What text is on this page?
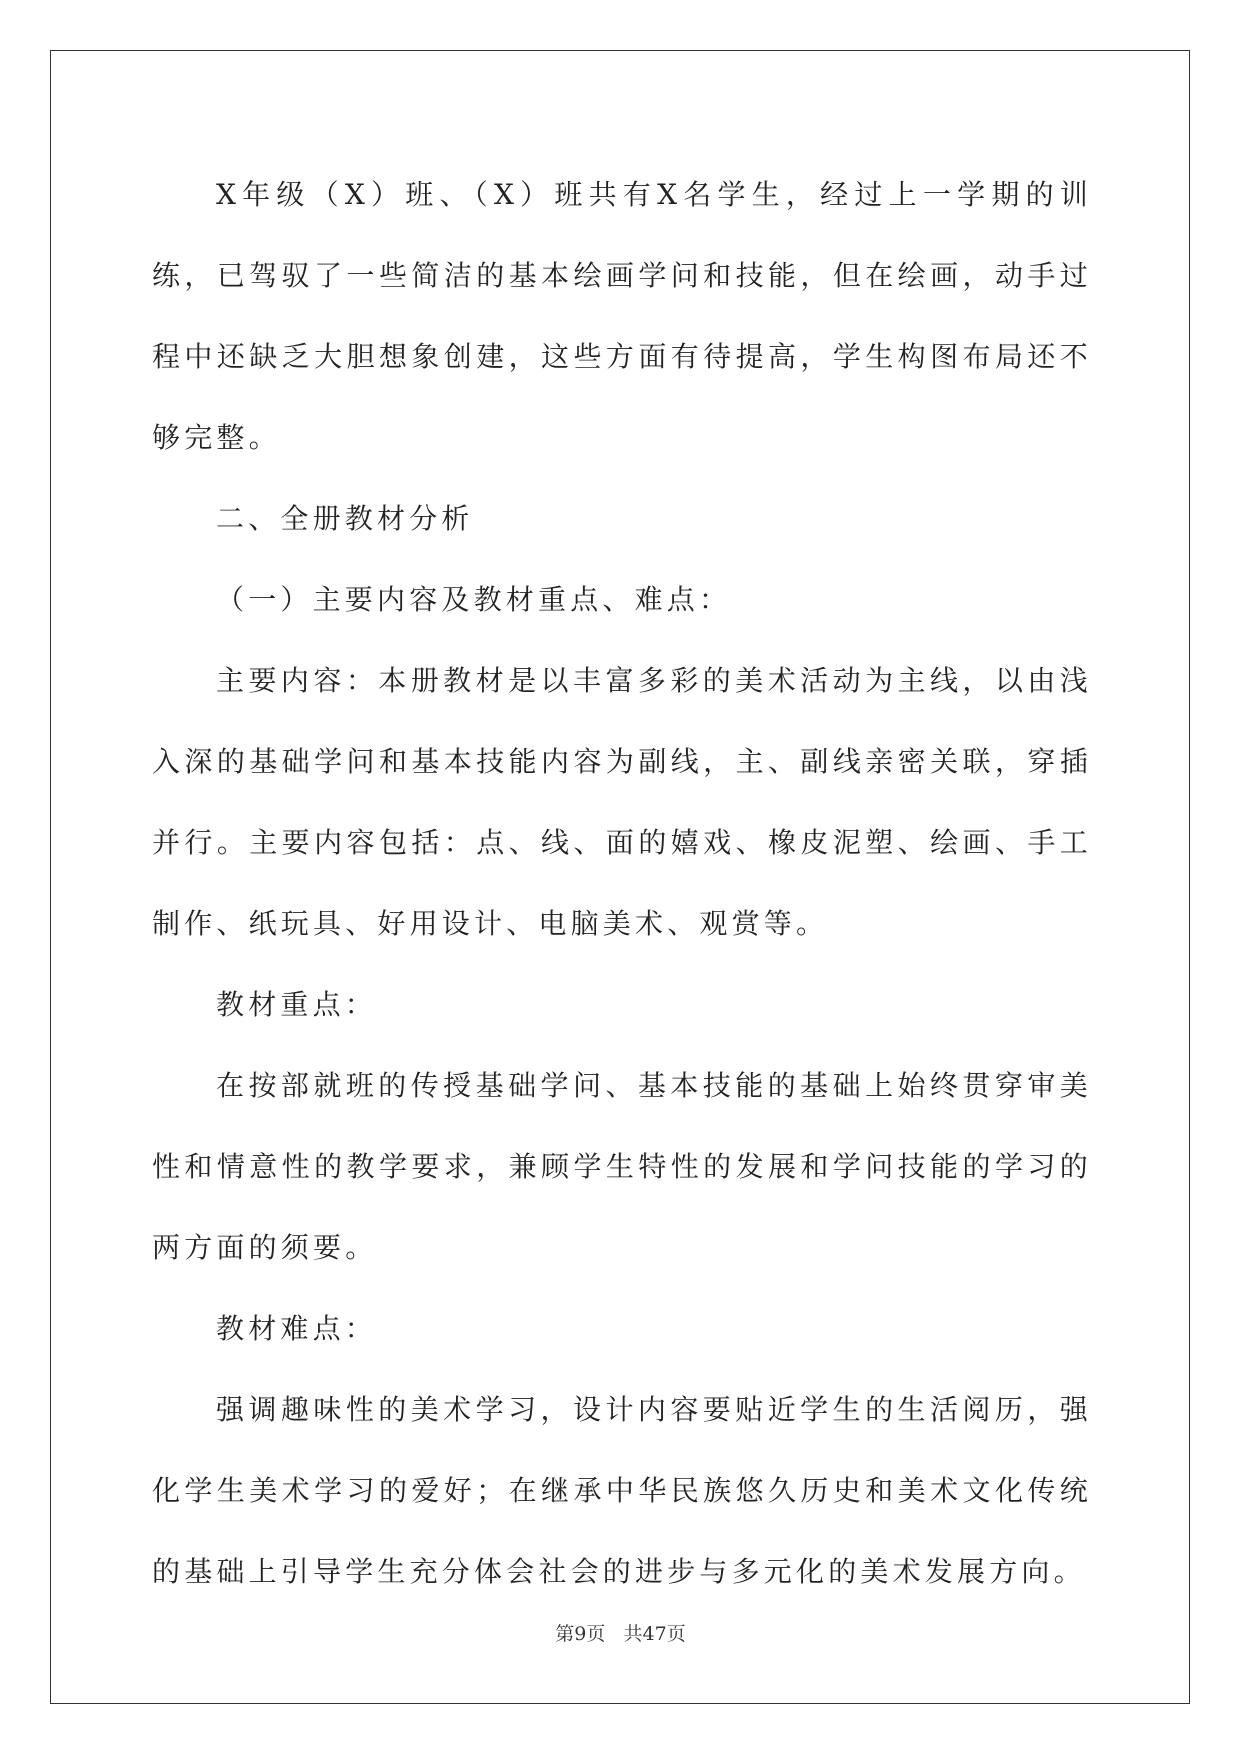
X年级（X）班、（X）班共有X名学生，经过上一学期的训练，已驾驭了一些简洁的基本绘画学问和技能，但在绘画，动手过程中还缺乏大胆想象创建，这些方面有待提高，学生构图布局还不够完整。

二、全册教材分析

（一）主要内容及教材重点、难点：

主要内容：本册教材是以丰富多彩的美术活动为主线，以由浅入深的基础学问和基本技能内容为副线，主、副线亲密关联，穿插并行。主要内容包括：点、线、面的嬉戏、橡皮泥塑、绘画、手工制作、纸玩具、好用设计、电脑美术、观赏等。

教材重点：

在按部就班的传授基础学问、基本技能的基础上始终贯穿审美性和情意性的教学要求，兼顾学生特性的发展和学问技能的学习的两方面的须要。

教材难点：

强调趣味性的美术学习，设计内容要贴近学生的生活阅历，强化学生美术学习的爱好；在继承中华民族悠久历史和美术文化传统的基础上引导学生充分体会社会的进步与多元化的美术发展方向。

第9页 共47页
